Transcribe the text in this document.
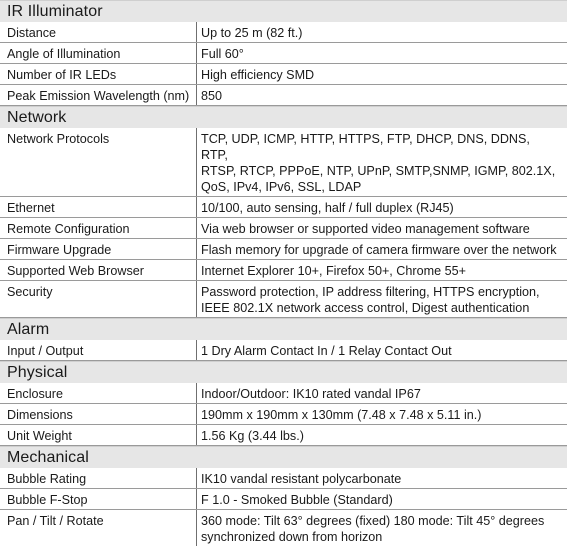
IR Illuminator
Distance	Up to 25 m (82 ft.)
Angle of Illumination	Full 60°
Number of IR LEDs	High efficiency SMD
Peak Emission Wavelength (nm) 850
Network
Network Protocols	TCP, UDP, ICMP, HTTP, HTTPS, FTP, DHCP, DNS, DDNS, RTP,
RTSP, RTCP, PPPoE, NTP, UPnP, SMTP,SNMP, IGMP, 802.1X,
QoS, IPv4, IPv6, SSL, LDAP
Ethernet	10/100, auto sensing, half / full duplex (RJ45)
Remote Configuration	Via web browser or supported video management software
Firmware Upgrade	Flash memory for upgrade of camera firmware over the network
Supported Web Browser	Internet Explorer 10+, Firefox 50+, Chrome 55+
Security	Password protection, IP address filtering, HTTPS encryption,
IEEE 802.1X network access control, Digest authentication
Alarm
Input / Output	1 Dry Alarm Contact In / 1 Relay Contact Out
Physical
Enclosure	Indoor/Outdoor: IK10 rated vandal IP67
Dimensions	190mm x 190mm x 130mm (7.48 x 7.48 x 5.11 in.)
Unit Weight	1.56 Kg (3.44 lbs.)
Mechanical
Bubble Rating	IK10 vandal resistant polycarbonate
Bubble F-Stop	F 1.0 - Smoked Bubble (Standard)
Pan / Tilt / Rotate	360 mode: Tilt 63° degrees (fixed) 180 mode: Tilt 45° degrees
synchronized down from horizon
